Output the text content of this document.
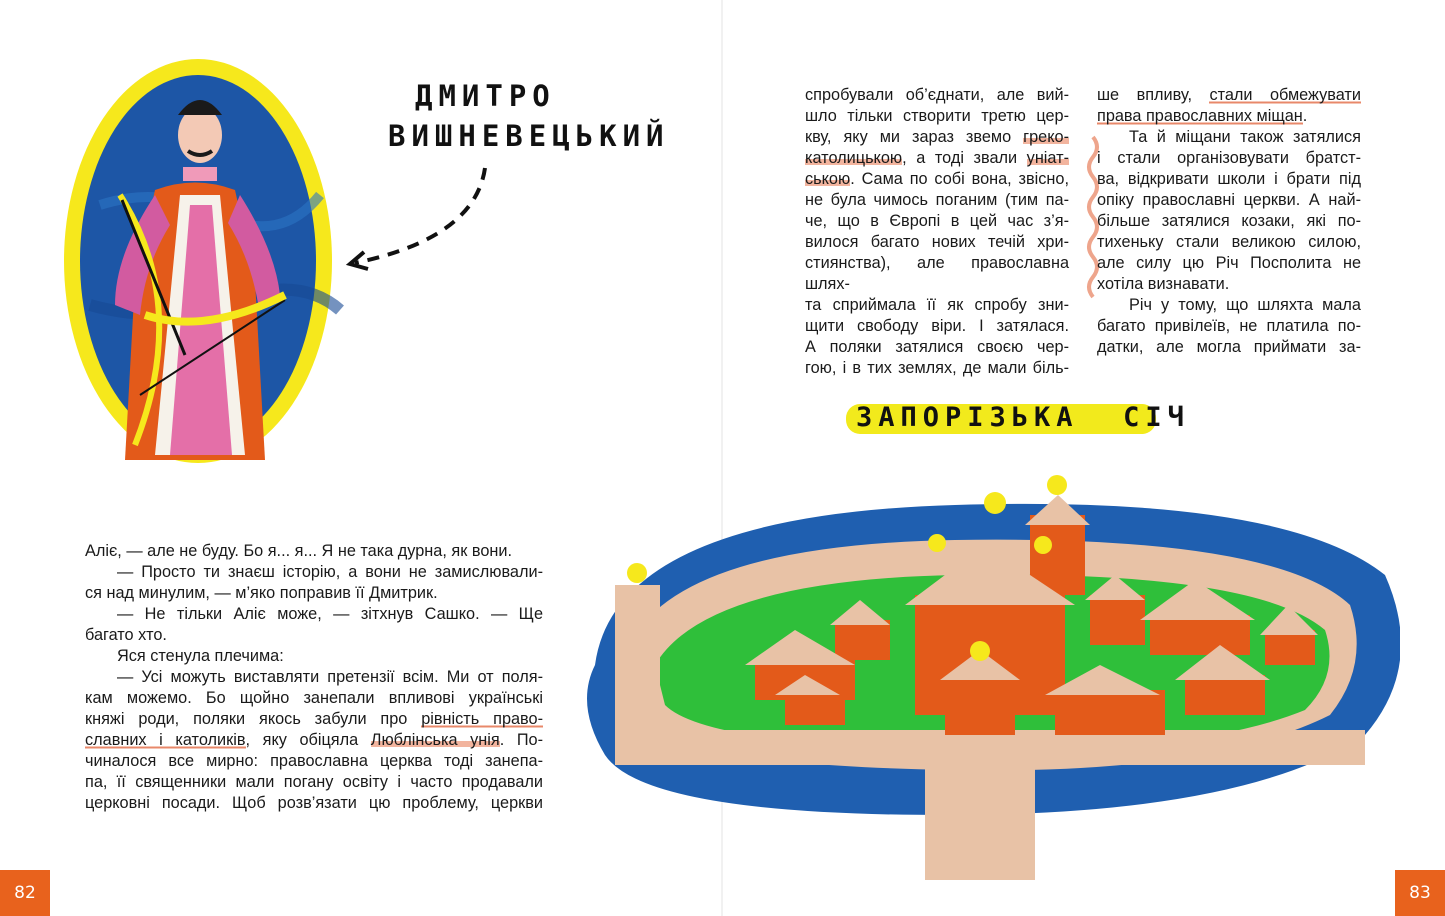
ДМИТРО
ВИШНЕВЕЦЬКИЙ

Аліє, — але не буду. Бо я... я... Я не така дурна, як вони.

— Просто ти знаєш історію, а вони не замислювали-

ся над минулим, — м’яко поправив її Дмитрик.

— Не тільки Аліє може, — зітхнув Сашко. — Ще

багато хто.

Яся стенула плечима:

— Усі можуть виставляти претензії всім. Ми от поля-

кам можемо. Бо щойно занепали впливові українські

княжі роди, поляки якось забули про рівність право-

славних і католиків, яку обіцяла Люблінська унія. По-

чиналося все мирно: православна церква тоді занепа-

па, її священники мали погану освіту і часто продавали

церковні посади. Щоб розв’язати цю проблему, церкви

82

спробували об’єднати, але вий-

шло тільки створити третю цер-

кву, яку ми зараз звемо греко-

католицькою, а тоді звали уніат-

ською. Сама по собі вона, звісно,

не була чимось поганим (тим па-

че, що в Європі в цей час з’я-

вилося багато нових течій хри-

стиянства), але православна шлях-

та сприймала її як спробу зни-

щити свободу віри. І затялася.

А поляки затялися своєю чер-

гою, і в тих землях, де мали біль-

ше впливу, стали обмежувати

права православних міщан.

Та й міщани також затялися

і стали організовувати братст-

ва, відкривати школи і брати під

опіку православні церкви. А най-

більше затялися козаки, які по-

тихеньку стали великою силою,

але силу цю Річ Посполита не

хотіла визнавати.

Річ у тому, що шляхта мала

багато привілеїв, не платила по-

датки, але могла приймати за-

ЗАПОРІЗЬКА  СІЧ
83
